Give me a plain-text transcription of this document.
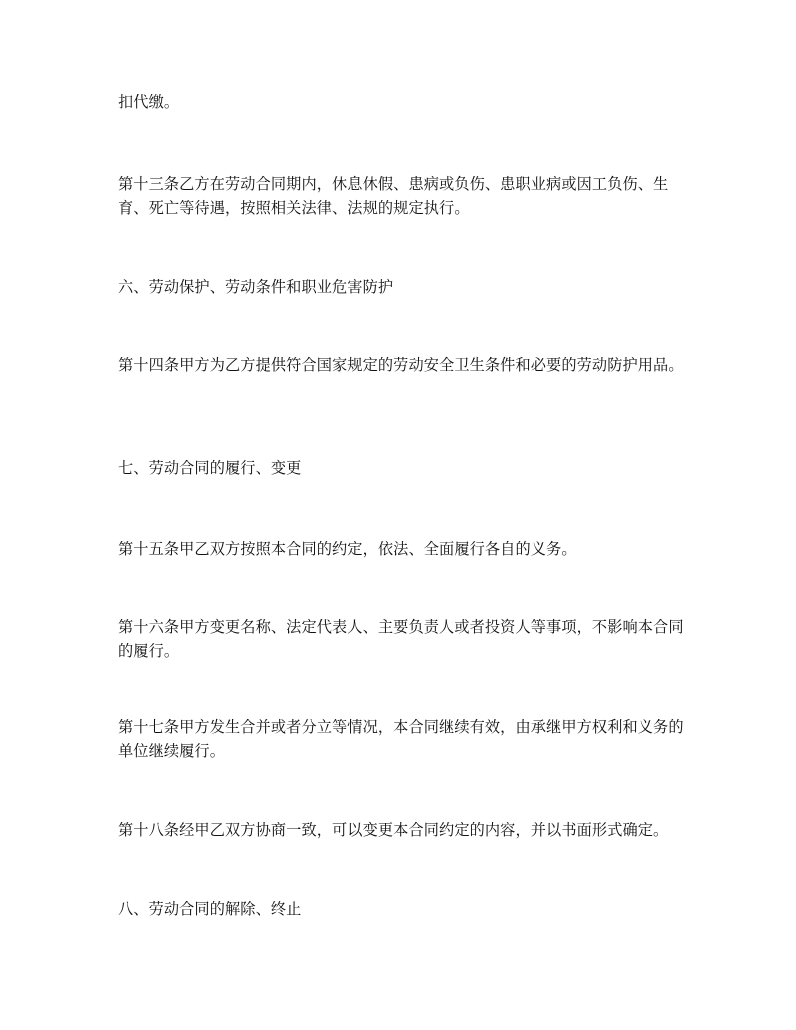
扣代缴。

第十三条乙方在劳动合同期内，休息休假、患病或负伤、患职业病或因工负伤、生育、死亡等待遇，按照相关法律、法规的规定执行。

六、劳动保护、劳动条件和职业危害防护

第十四条甲方为乙方提供符合国家规定的劳动安全卫生条件和必要的劳动防护用品。

七、劳动合同的履行、变更

第十五条甲乙双方按照本合同的约定，依法、全面履行各自的义务。

第十六条甲方变更名称、法定代表人、主要负责人或者投资人等事项，不影响本合同的履行。

第十七条甲方发生合并或者分立等情况，本合同继续有效，由承继甲方权利和义务的单位继续履行。

第十八条经甲乙双方协商一致，可以变更本合同约定的内容，并以书面形式确定。

八、劳动合同的解除、终止
